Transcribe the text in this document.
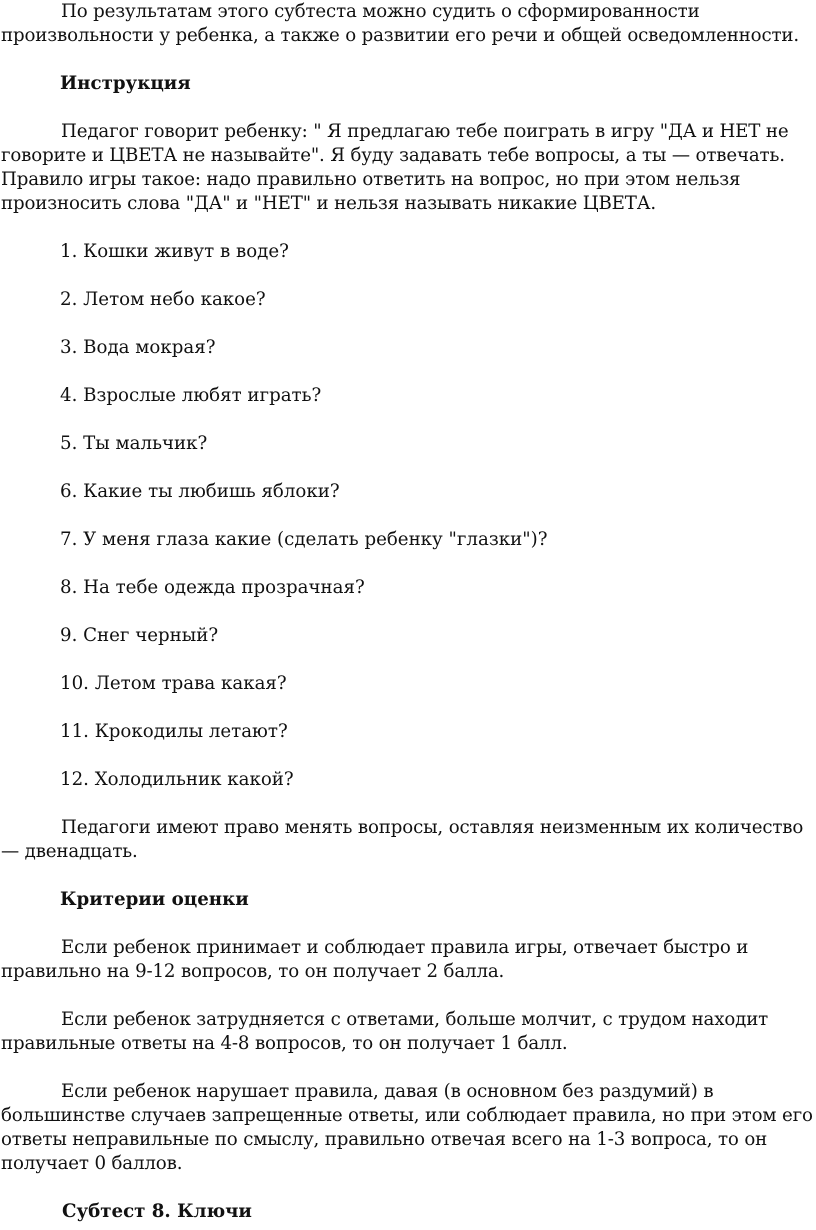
По результатам этого субтеста можно судить о сформированности произвольности у ребенка, а также о развитии его речи и общей осведомленности.

Инструкция

Педагог говорит ребенку: " Я предлагаю тебе поиграть в игру "ДА и НЕТ не говорите и ЦВЕТА не называйте". Я буду задавать тебе вопросы, а ты — отвечать. Правило игры такое: надо правильно ответить на вопрос, но при этом нельзя произносить слова "ДА" и "НЕТ" и нельзя называть никакие ЦВЕТА.

1. Кошки живут в воде?

2. Летом небо какое?

3. Вода мокрая?

4. Взрослые любят играть?

5. Ты мальчик?

6. Какие ты любишь яблоки?

7. У меня глаза какие (сделать ребенку "глазки")?

8. На тебе одежда прозрачная?

9. Снег черный?

10. Летом трава какая?

11. Крокодилы летают?

12. Холодильник какой?

Педагоги имеют право менять вопросы, оставляя неизменным их количество — двенадцать.

Критерии оценки

Если ребенок принимает и соблюдает правила игры, отвечает быстро и правильно на 9-12 вопросов, то он получает 2 балла.

Если ребенок затрудняется с ответами, больше молчит, с трудом находит правильные ответы на 4-8 вопросов, то он получает 1 балл.

Если ребенок нарушает правила, давая (в основном без раздумий) в большинстве случаев запрещенные ответы, или соблюдает правила, но при этом его ответы неправильные по смыслу, правильно отвечая всего на 1-3 вопроса, то он получает 0 баллов.

Субтест 8. Ключи
